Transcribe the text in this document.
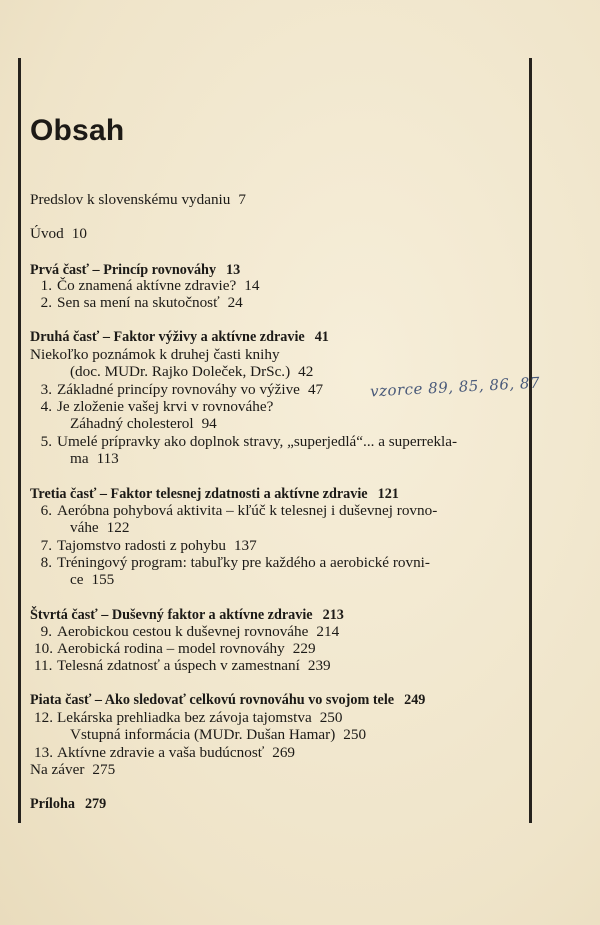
vzorce 89, 85, 86, 87
Obsah
Predslov k slovenskému vydaniu 7
Úvod 10
Prvá časť – Princíp rovnováhy 13
1. Čo znamená aktívne zdravie? 14
2. Sen sa mení na skutočnosť 24
Druhá časť – Faktor výživy a aktívne zdravie 41
Niekoľko poznámok k druhej časti knihy
(doc. MUDr. Rajko Doleček, DrSc.) 42
3. Základné princípy rovnováhy vo výžive 47
4. Je zloženie vašej krvi v rovnováhe?
Záhadný cholesterol 94
5. Umelé prípravky ako doplnok stravy, „superjedlá“... a superrekla-
ma 113
Tretia časť – Faktor telesnej zdatnosti a aktívne zdravie 121
6. Aeróbna pohybová aktivita – kľúč k telesnej i duševnej rovno-
váhe 122
7. Tajomstvo radosti z pohybu 137
8. Tréningový program: tabuľky pre každého a aerobické rovni-
ce 155
Štvrtá časť – Duševný faktor a aktívne zdravie 213
9. Aerobickou cestou k duševnej rovnováhe 214
10. Aerobická rodina – model rovnováhy 229
11. Telesná zdatnosť a úspech v zamestnaní 239
Piata časť – Ako sledovať celkovú rovnováhu vo svojom tele 249
12. Lekárska prehliadka bez závoja tajomstva 250
Vstupná informácia (MUDr. Dušan Hamar) 250
13. Aktívne zdravie a vaša budúcnosť 269
Na záver 275
Príloha 279
